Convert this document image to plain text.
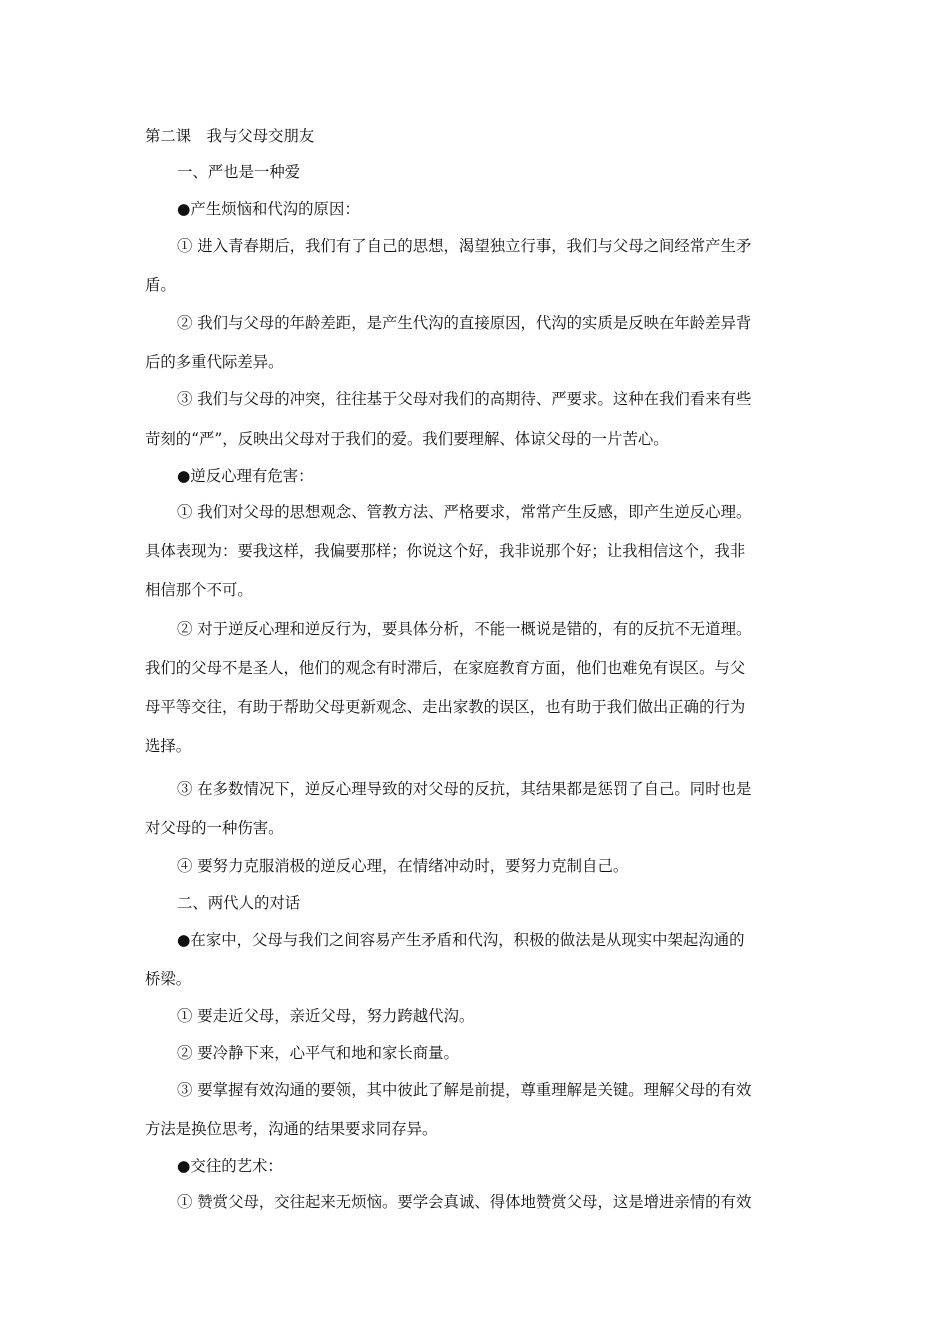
第二课　我与父母交朋友
一、严也是一种爱
●产生烦恼和代沟的原因：
① 进入青春期后，我们有了自己的思想，渴望独立行事，我们与父母之间经常产生矛
盾。
② 我们与父母的年龄差距，是产生代沟的直接原因，代沟的实质是反映在年龄差异背
后的多重代际差异。
③ 我们与父母的冲突，往往基于父母对我们的高期待、严要求。这种在我们看来有些
苛刻的“严”，反映出父母对于我们的爱。我们要理解、体谅父母的一片苦心。
●逆反心理有危害：
① 我们对父母的思想观念、管教方法、严格要求，常常产生反感，即产生逆反心理。
具体表现为：要我这样，我偏要那样；你说这个好，我非说那个好；让我相信这个，我非
相信那个不可。
② 对于逆反心理和逆反行为，要具体分析，不能一概说是错的，有的反抗不无道理。
我们的父母不是圣人，他们的观念有时滞后，在家庭教育方面，他们也难免有误区。与父
母平等交往，有助于帮助父母更新观念、走出家教的误区，也有助于我们做出正确的行为
选择。
③ 在多数情况下，逆反心理导致的对父母的反抗，其结果都是惩罚了自己。同时也是
对父母的一种伤害。
④ 要努力克服消极的逆反心理，在情绪冲动时，要努力克制自己。
二、两代人的对话
●在家中，父母与我们之间容易产生矛盾和代沟，积极的做法是从现实中架起沟通的
桥梁。
① 要走近父母，亲近父母，努力跨越代沟。
② 要冷静下来，心平气和地和家长商量。
③ 要掌握有效沟通的要领，其中彼此了解是前提，尊重理解是关键。理解父母的有效
方法是换位思考，沟通的结果要求同存异。
●交往的艺术：
① 赞赏父母，交往起来无烦恼。要学会真诚、得体地赞赏父母，这是增进亲情的有效
